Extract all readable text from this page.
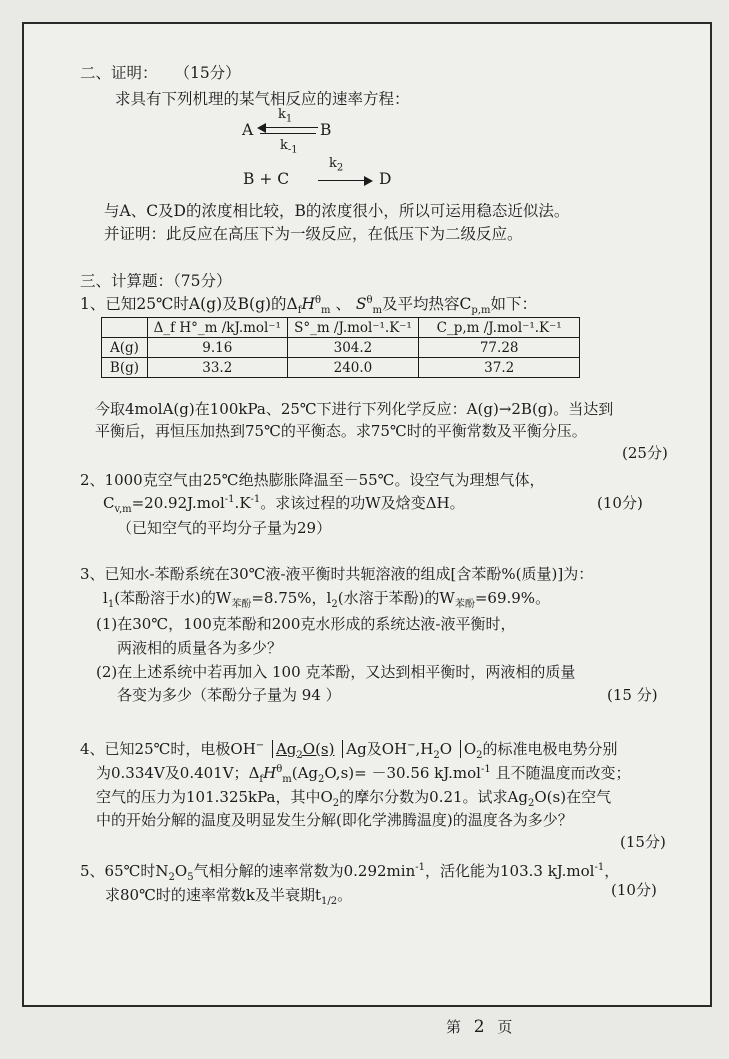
二、证明： （15分）
求具有下列机理的某气相反应的速率方程：
A
$k_1$
$k_{-1}$
B
B + C
$k_2$
D
与A、C及D的浓度相比较，B的浓度很小，所以可运用稳态近似法。
并证明：此反应在高压下为一级反应，在低压下为二级反应。
三、计算题：（75分）
1、已知25℃时A(g)及B(g)的$\Delta_fH^\theta_m$ 、 $S^\theta_m$及平均热容$C_{p,m}$如下：
	Δ_f H°_m /kJ.mol⁻¹	S°_m /J.mol⁻¹.K⁻¹	C_p,m /J.mol⁻¹.K⁻¹
A(g)	9.16	304.2	77.28
B(g)	33.2	240.0	37.2
今取4molA(g)在100kPa、25℃下进行下列化学反应：A(g)→2B(g)。当达到
平衡后，再恒压加热到75℃的平衡态。求75℃时的平衡常数及平衡分压。
(25分)
2、1000克空气由25℃绝热膨胀降温至－55℃。设空气为理想气体，
$C_{v,m}=20.92J.mol^{-1}.K^{-1}$。求该过程的功W及焓变ΔH。	(10分)
（已知空气的平均分子量为29）
3、已知水-苯酚系统在30℃液-液平衡时共轭溶液的组成[含苯酚%(质量)]为：
$l_1$(苯酚溶于水)的$W_{苯酚}=8.75\%$，$l_2$(水溶于苯酚)的$W_{苯酚}=69.9\%$。
(1)在30℃，100克苯酚和200克水形成的系统达液-液平衡时，
两液相的质量各为多少？
(2)在上述系统中若再加入 100 克苯酚，又达到相平衡时，两液相的质量
各变为多少（苯酚分子量为 94 ）	(15 分)
4、已知25℃时，电极OH− $Ag_2O(s)$ Ag及$OH^-,H_2O$ $O_2$的标准电极电势分别
为0.334V及0.401V；$\Delta_fH^\theta_m(Ag_2O,s)= -30.56$ kJ.mol$^{-1}$ 且不随温度而改变；
空气的压力为101.325kPa，其中$O_2$的摩尔分数为0.21。试求$Ag_2O(s)$在空气
中的开始分解的温度及明显发生分解(即化学沸腾温度)的温度各为多少？
(15分)
5、65℃时$N_2O_5$气相分解的速率常数为$0.292\min^{-1}$，活化能为103.3 kJ.mol$^{-1}$，
求80℃时的速率常数k及半衰期$t_{1/2}$。	(10分)
第 2 页
